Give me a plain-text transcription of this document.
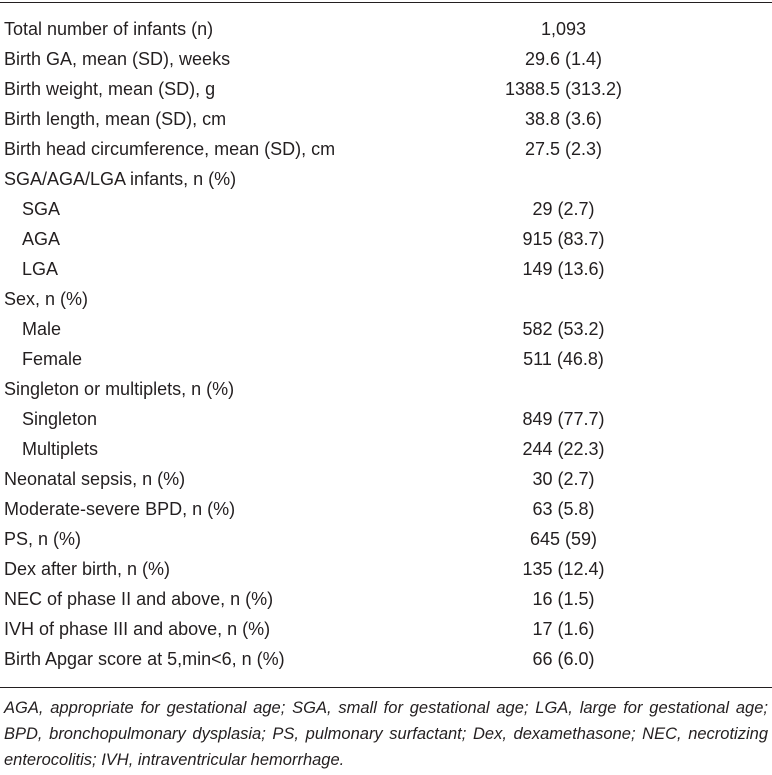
Total number of infants (n)	1,093
Birth GA, mean (SD), weeks	29.6 (1.4)
Birth weight, mean (SD), g	1388.5 (313.2)
Birth length, mean (SD), cm	38.8 (3.6)
Birth head circumference, mean (SD), cm	27.5 (2.3)
SGA/AGA/LGA infants, n (%)
SGA	29 (2.7)
AGA	915 (83.7)
LGA	149 (13.6)
Sex, n (%)
Male	582 (53.2)
Female	511 (46.8)
Singleton or multiplets, n (%)
Singleton	849 (77.7)
Multiplets	244 (22.3)
Neonatal sepsis, n (%)	30 (2.7)
Moderate-severe BPD, n (%)	63 (5.8)
PS, n (%)	645 (59)
Dex after birth, n (%)	135 (12.4)
NEC of phase II and above, n (%)	16 (1.5)
IVH of phase III and above, n (%)	17 (1.6)
Birth Apgar score at 5,min<6, n (%)	66 (6.0)
AGA, appropriate for gestational age; SGA, small for gestational age; LGA, large for gestational age; BPD, bronchopulmonary dysplasia; PS, pulmonary surfactant; Dex, dexamethasone; NEC, necrotizing enterocolitis; IVH, intraventricular hemorrhage.
